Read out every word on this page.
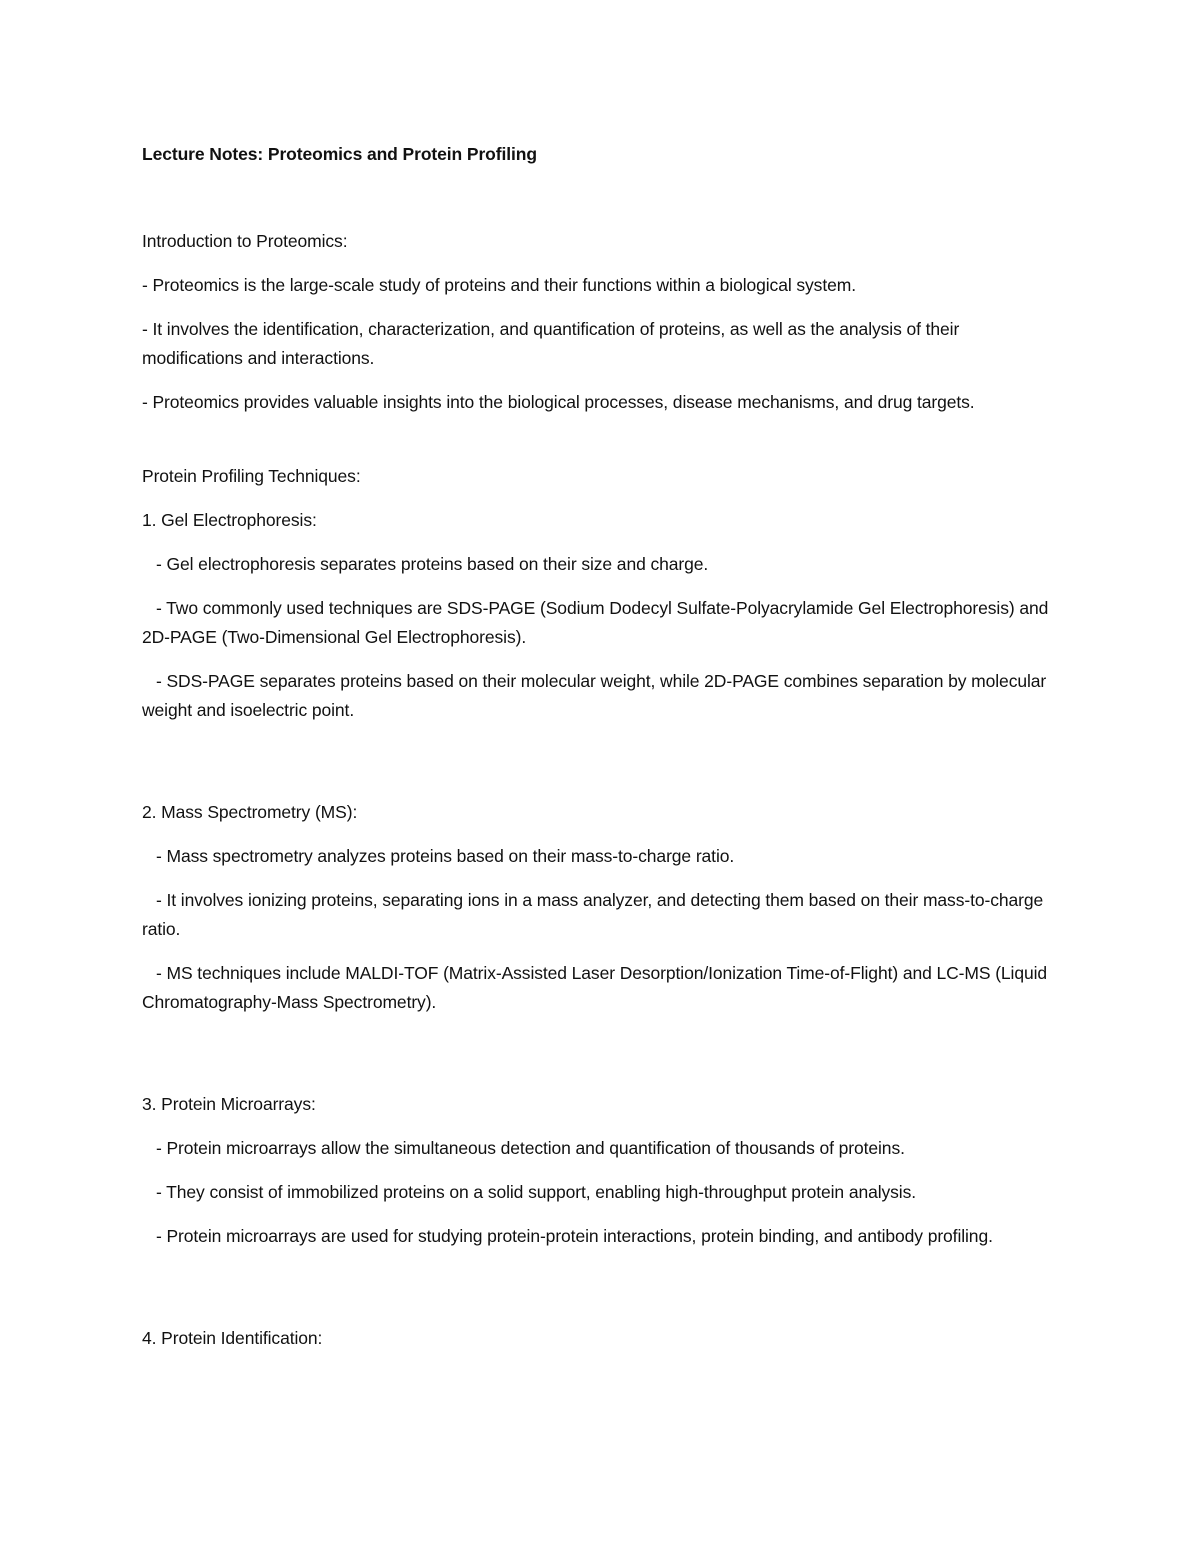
Lecture Notes: Proteomics and Protein Profiling

Introduction to Proteomics:

- Proteomics is the large-scale study of proteins and their functions within a biological system.

- It involves the identification, characterization, and quantification of proteins, as well as the analysis of their modifications and interactions.

- Proteomics provides valuable insights into the biological processes, disease mechanisms, and drug targets.

Protein Profiling Techniques:

1. Gel Electrophoresis:

- Gel electrophoresis separates proteins based on their size and charge.

- Two commonly used techniques are SDS-PAGE (Sodium Dodecyl Sulfate-Polyacrylamide Gel Electrophoresis) and 2D-PAGE (Two-Dimensional Gel Electrophoresis).

- SDS-PAGE separates proteins based on their molecular weight, while 2D-PAGE combines separation by molecular weight and isoelectric point.

2. Mass Spectrometry (MS):

- Mass spectrometry analyzes proteins based on their mass-to-charge ratio.

- It involves ionizing proteins, separating ions in a mass analyzer, and detecting them based on their mass-to-charge ratio.

- MS techniques include MALDI-TOF (Matrix-Assisted Laser Desorption/Ionization Time-of-Flight) and LC-MS (Liquid Chromatography-Mass Spectrometry).

3. Protein Microarrays:

- Protein microarrays allow the simultaneous detection and quantification of thousands of proteins.

- They consist of immobilized proteins on a solid support, enabling high-throughput protein analysis.

- Protein microarrays are used for studying protein-protein interactions, protein binding, and antibody profiling.

4. Protein Identification:
